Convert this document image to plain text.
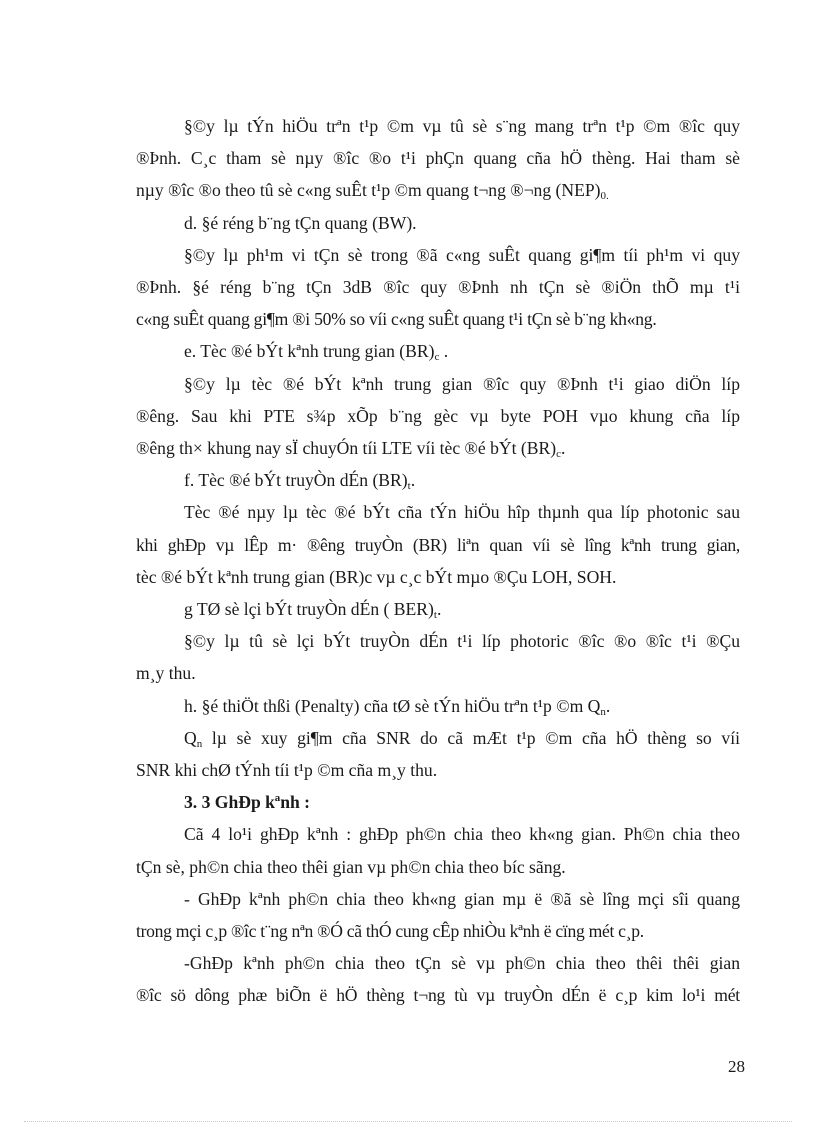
§©y lµ tÝn hiÖu trªn t¹p ©m vµ tû sè s¨ng mang trªn t¹p ©m ®îc quy
®Þnh. C¸c tham sè nµy ®îc ®o t¹i phÇn quang cña hÖ thèng. Hai tham sè
nµy ®îc ®o theo tû sè c«ng suÊt t¹p ©m quang t¬ng ®¬ng $(NEP)_{0.}$

d. §é réng b¨ng tÇn quang (BW).

§©y lµ ph¹m vi tÇn sè trong ®ã c«ng suÊt quang gi¶m tíi ph¹m vi quy
®Þnh. §é réng b¨ng tÇn 3dB ®îc quy ®Þnh nh tÇn sè ®iÖn thÕ mµ t¹i
c«ng suÊt quang gi¶m ®i 50% so víi c«ng suÊt quang t¹i tÇn sè b¨ng kh«ng.

e. Tèc ®é bÝt kªnh trung gian $(BR)_c$ .

§©y lµ tèc ®é bÝt kªnh trung gian ®îc quy ®Þnh t¹i giao diÖn líp
®êng. Sau khi PTE s¾p xÕp b¨ng gèc vµ byte POH vµo khung cña líp
®êng th× khung nay sÏ chuyÓn tíi LTE víi tèc ®é bÝt $(BR)_c$.

f. Tèc ®é bÝt truyÒn dÉn $(BR)_t$.

Tèc ®é nµy lµ tèc ®é bÝt cña tÝn hiÖu hîp thµnh qua líp photonic sau
khi ghÐp vµ lÊp m· ®êng truyÒn (BR) liªn quan víi sè lîng kªnh trung gian,
tèc ®é bÝt kªnh trung gian (BR)c vµ c¸c bÝt mµo ®Çu LOH, SOH.

g TØ sè lçi bÝt truyÒn dÉn ( $BER)_t$.

§©y lµ tû sè lçi bÝt truyÒn dÉn t¹i líp photoric ®îc ®o ®îc t¹i ®Çu
m¸y thu.

h. §é thiÖt thßi (Penalty) cña tØ sè tÝn hiÖu trªn t¹p ©m $Q_n$.

$Q_n$ lµ sè xuy gi¶m cña SNR do cã mÆt t¹p ©m cña hÖ thèng so víi
SNR khi chØ tÝnh tíi t¹p ©m cña m¸y thu.

3. 3 GhÐp kªnh :

Cã 4 lo¹i ghÐp kªnh : ghÐp ph©n chia theo kh«ng gian. Ph©n chia theo
tÇn sè, ph©n chia theo thêi gian vµ ph©n chia theo bíc sãng.

- GhÐp kªnh ph©n chia theo kh«ng gian mµ ë ®ã sè lîng mçi sîi quang
trong mçi c¸p ®îc t¨ng nªn ®Ó cã thÓ cung cÊp nhiÒu kªnh ë cïng mét c¸p.

-GhÐp kªnh ph©n chia theo tÇn sè vµ ph©n chia theo thêi thêi gian
®îc sö dông phæ biÕn ë hÖ thèng t¬ng tù vµ truyÒn dÉn ë c¸p kim lo¹i mét

28
